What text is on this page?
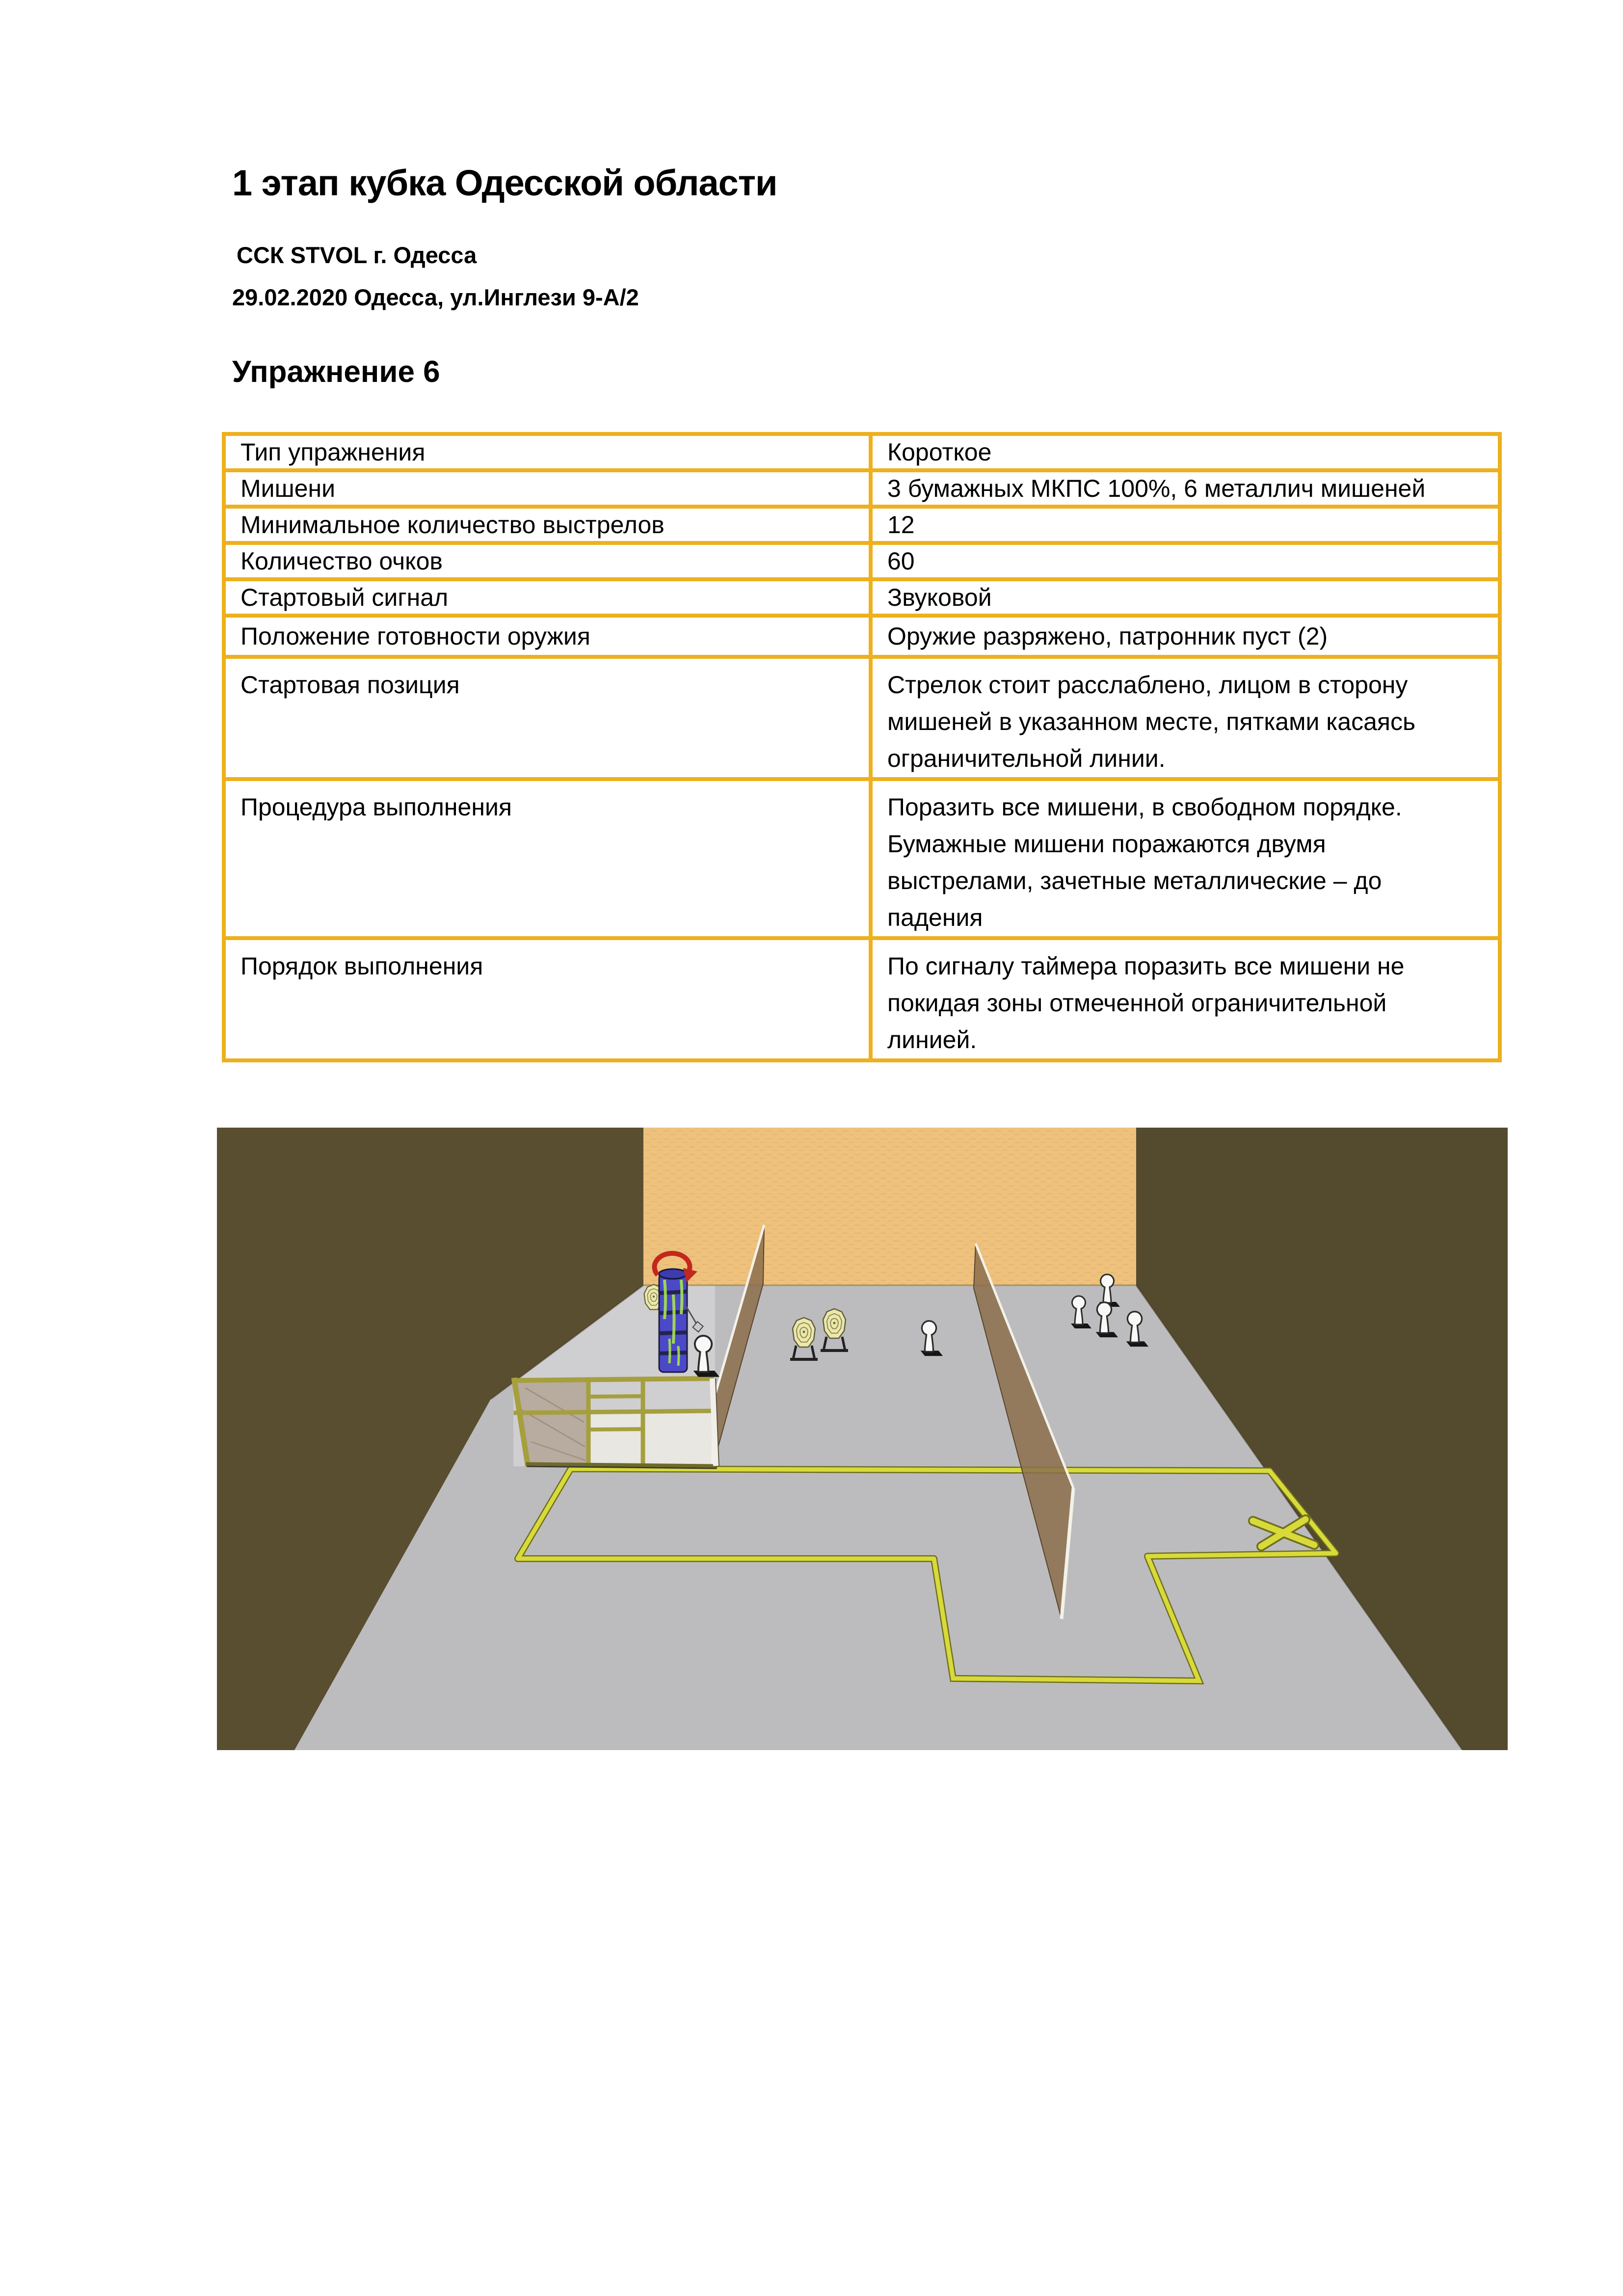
1 этап кубка Одесской области
ССК STVOL г. Одесса
29.02.2020 Одесса, ул.Инглези 9-А/2
Упражнение 6
Тип упражнения	Короткое
Мишени	3 бумажных МКПС 100%, 6 металлич мишеней
Минимальное количество выстрелов	12
Количество очков	60
Стартовый сигнал	Звуковой
Положение готовности оружия	Оружие разряжено, патронник пуст (2)
Стартовая позиция	Стрелок стоит расслаблено, лицом в сторону мишеней в указанном месте, пятками касаясь ограничительной линии.
Процедура выполнения	Поразить все мишени, в свободном порядке. Бумажные мишени поражаются двумя выстрелами, зачетные металлические – до падения
Порядок выполнения	По сигналу таймера поразить все мишени не покидая зоны отмеченной ограничительной линией.
